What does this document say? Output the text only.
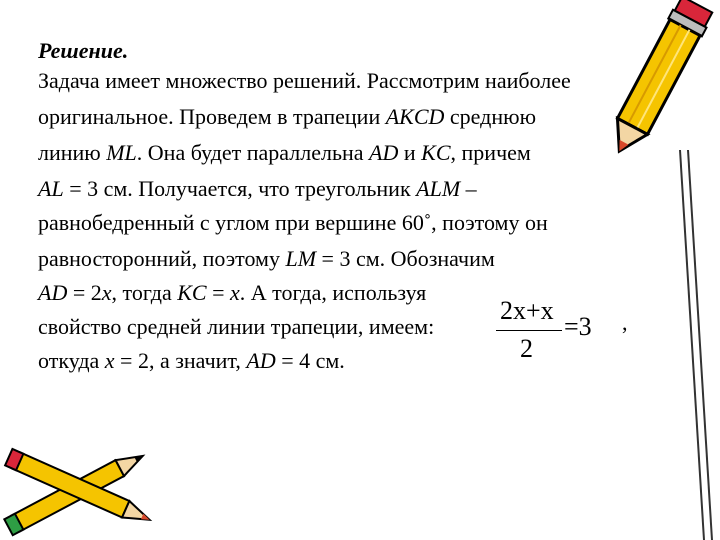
Решение.
Задача имеет множество решений. Рассмотрим наиболее
оригинальное. Проведем в трапеции AKCD среднюю
линию ML. Она будет параллельна AD и KC, причем
AL = 3 см. Получается, что треугольник ALM –
равнобедренный с углом при вершине 60˚, поэтому он
равносторонний, поэтому LM = 3 см. Обозначим
AD = 2x, тогда KC = x. А тогда, используя
свойство средней линии трапеции, имеем:
откуда x = 2, а значит, AD = 4 см.
2x+x
2
=3 ,
